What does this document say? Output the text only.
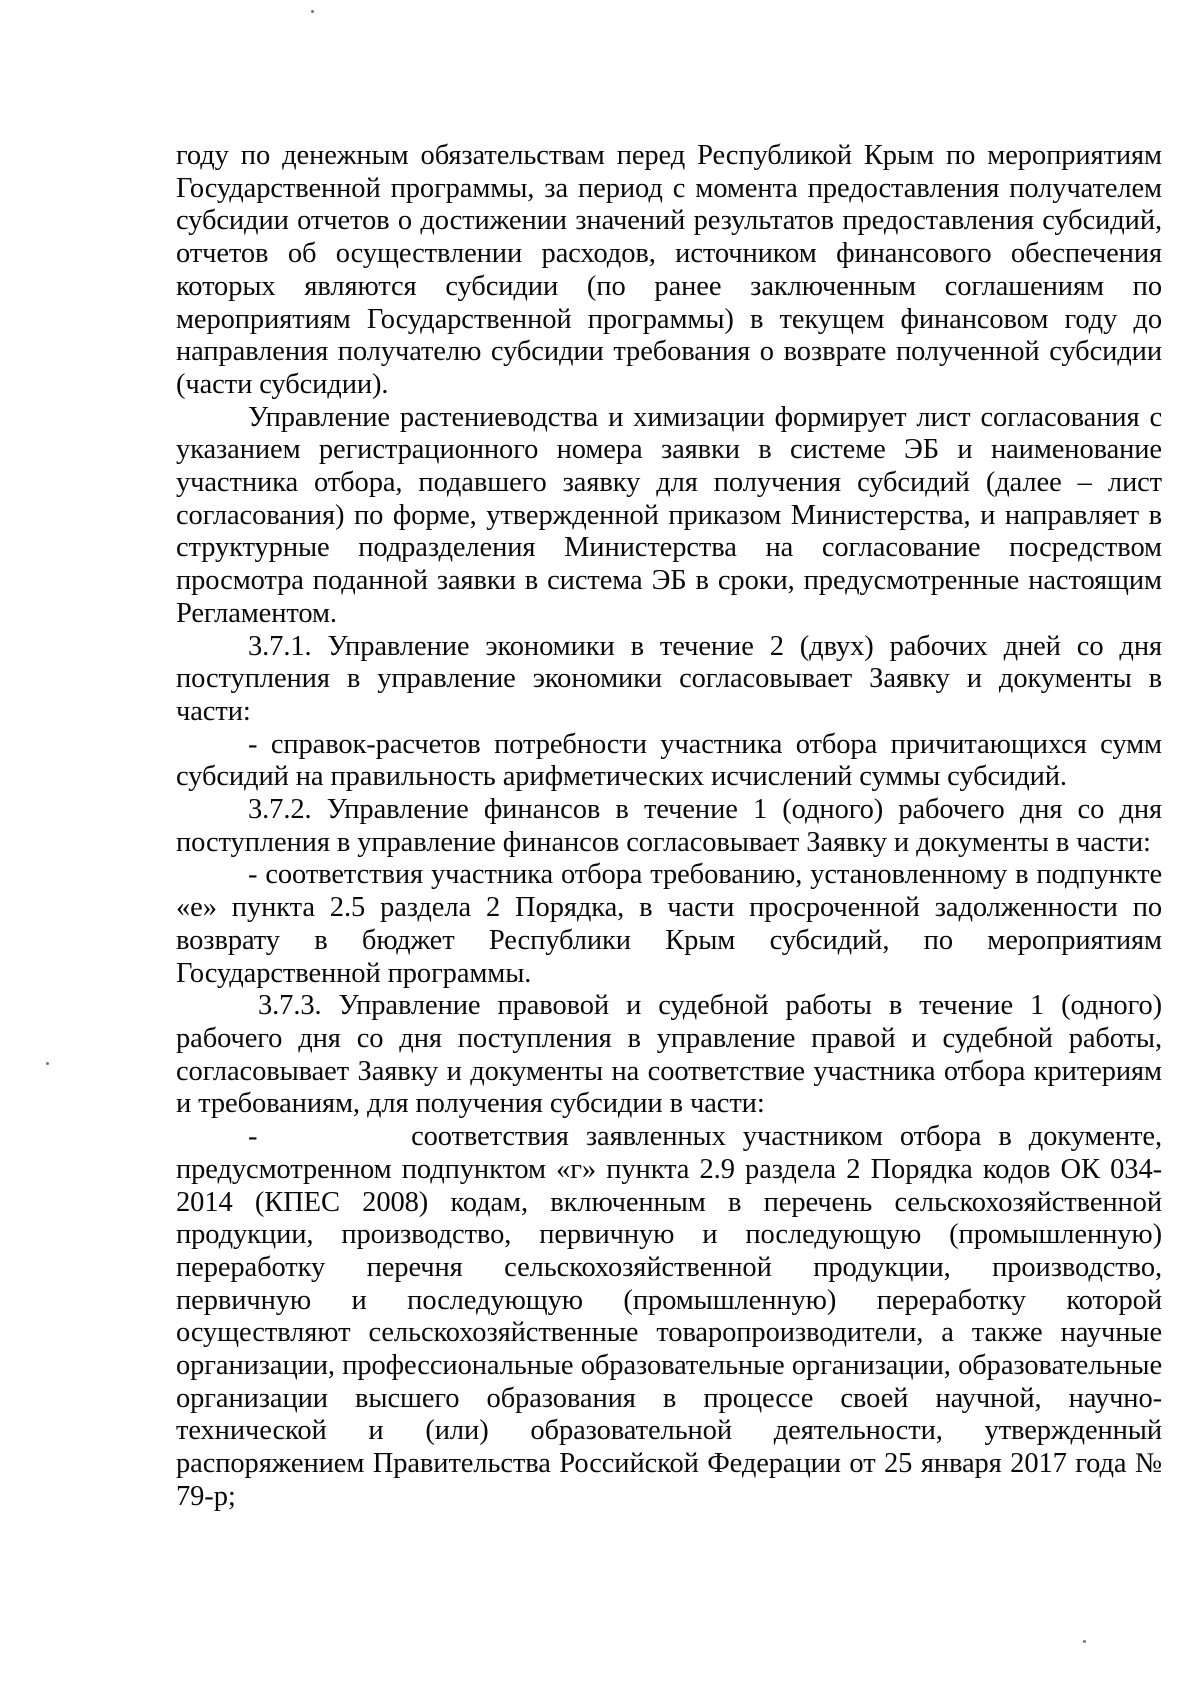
году по денежным обязательствам перед Республикой Крым по мероприятиям Государственной программы, за период с момента предоставления получателем субсидии отчетов о достижении значений результатов предоставления субсидий, отчетов об осуществлении расходов, источником финансового обеспечения которых являются субсидии (по ранее заключенным соглашениям по мероприятиям Государственной программы) в текущем финансовом году до направления получателю субсидии требования о возврате полученной субсидии (части субсидии).

Управление растениеводства и химизации формирует лист согласования с указанием регистрационного номера заявки в системе ЭБ и наименование участника отбора, подавшего заявку для получения субсидий (далее – лист согласования) по форме, утвержденной приказом Министерства, и направляет в структурные подразделения Министерства на согласование посредством просмотра поданной заявки в система ЭБ в сроки, предусмотренные настоящим Регламентом.

3.7.1. Управление экономики в течение 2 (двух) рабочих дней со дня поступления в управление экономики согласовывает Заявку и документы в части:

- справок-расчетов потребности участника отбора причитающихся сумм субсидий на правильность арифметических исчислений суммы субсидий.

3.7.2. Управление финансов в течение 1 (одного) рабочего дня со дня поступления в управление финансов согласовывает Заявку и документы в части:

- соответствия участника отбора требованию, установленному в подпункте «е» пункта 2.5 раздела 2 Порядка, в части просроченной задолженности по возврату в бюджет Республики Крым субсидий, по мероприятиям Государственной программы.

3.7.3. Управление правовой и судебной работы в течение 1 (одного) рабочего дня со дня поступления в управление правой и судебной работы, согласовывает Заявку и документы на соответствие участника отбора критериям и требованиям, для получения субсидии в части:

-         соответствия заявленных участником отбора в документе, предусмотренном подпунктом «г» пункта 2.9 раздела 2 Порядка кодов ОК 034-2014 (КПЕС 2008) кодам, включенным в перечень сельскохозяйственной продукции, производство, первичную и последующую (промышленную) переработку перечня сельскохозяйственной продукции, производство, первичную и последующую (промышленную) переработку которой осуществляют сельскохозяйственные товаропроизводители, а также научные организации, профессиональные образовательные организации, образовательные организации высшего образования в процессе своей научной, научно-технической и (или) образовательной деятельности, утвержденный распоряжением Правительства Российской Федерации от 25 января 2017 года № 79-р;
